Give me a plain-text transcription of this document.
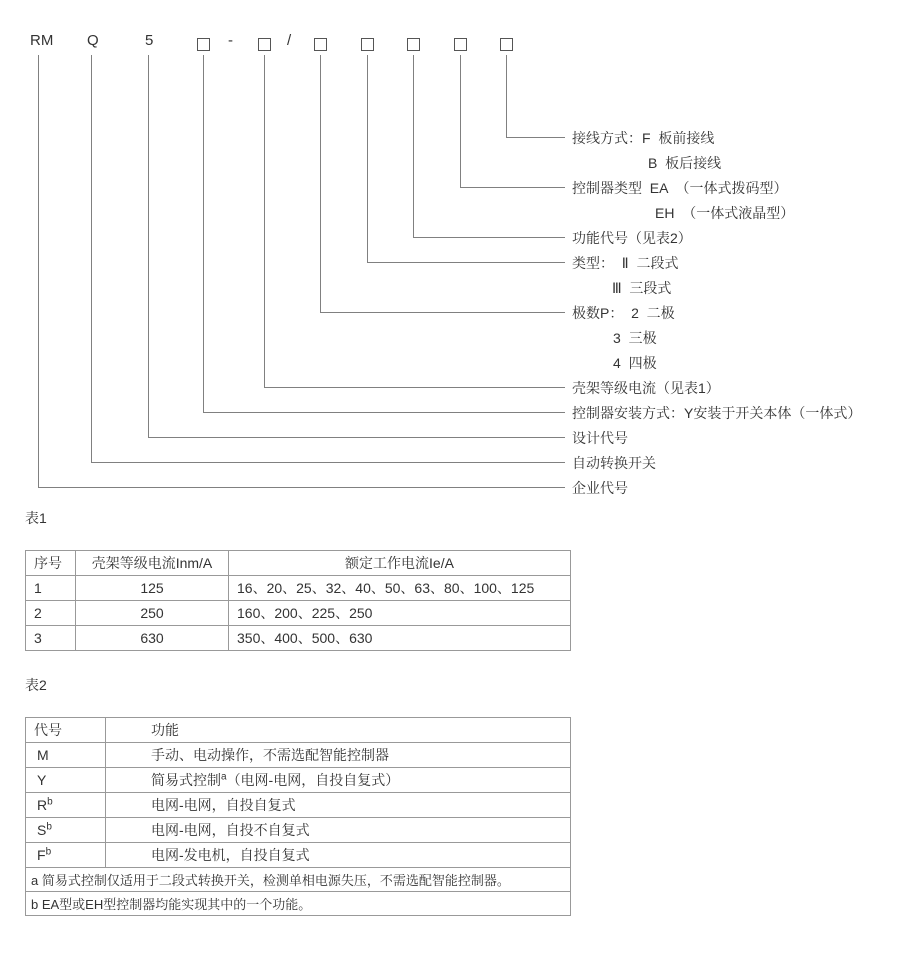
RM Q	5	-	/
接线方式：F  板前接线
B  板后接线
控制器类型  EA  （一体式拨码型）
EH  （一体式液晶型）
功能代号（见表2）
类型：  Ⅱ  二段式
Ⅲ  三段式
极数P：  2  二极
3  三极
4  四极
壳架等级电流（见表1）
控制器安装方式：Y安装于开关本体（一体式）
设计代号
自动转换开关
企业代号
表1
序号	壳架等级电流Inm/A	额定工作电流Ie/A
1	125	16、20、25、32、40、50、63、80、100、125
2	250	160、200、225、250
3	630	350、400、500、630
表2
代号	功能
M	手动、电动操作，不需选配智能控制器
Y	简易式控制$^a$（电网-电网，自投自复式）
$R^b$	电网-电网，自投自复式
$S^b$	电网-电网，自投不自复式
$F^b$	电网-发电机，自投自复式
a 简易式控制仅适用于二段式转换开关，检测单相电源失压，不需选配智能控制器。	
b EA型或EH型控制器均能实现其中的一个功能。	
